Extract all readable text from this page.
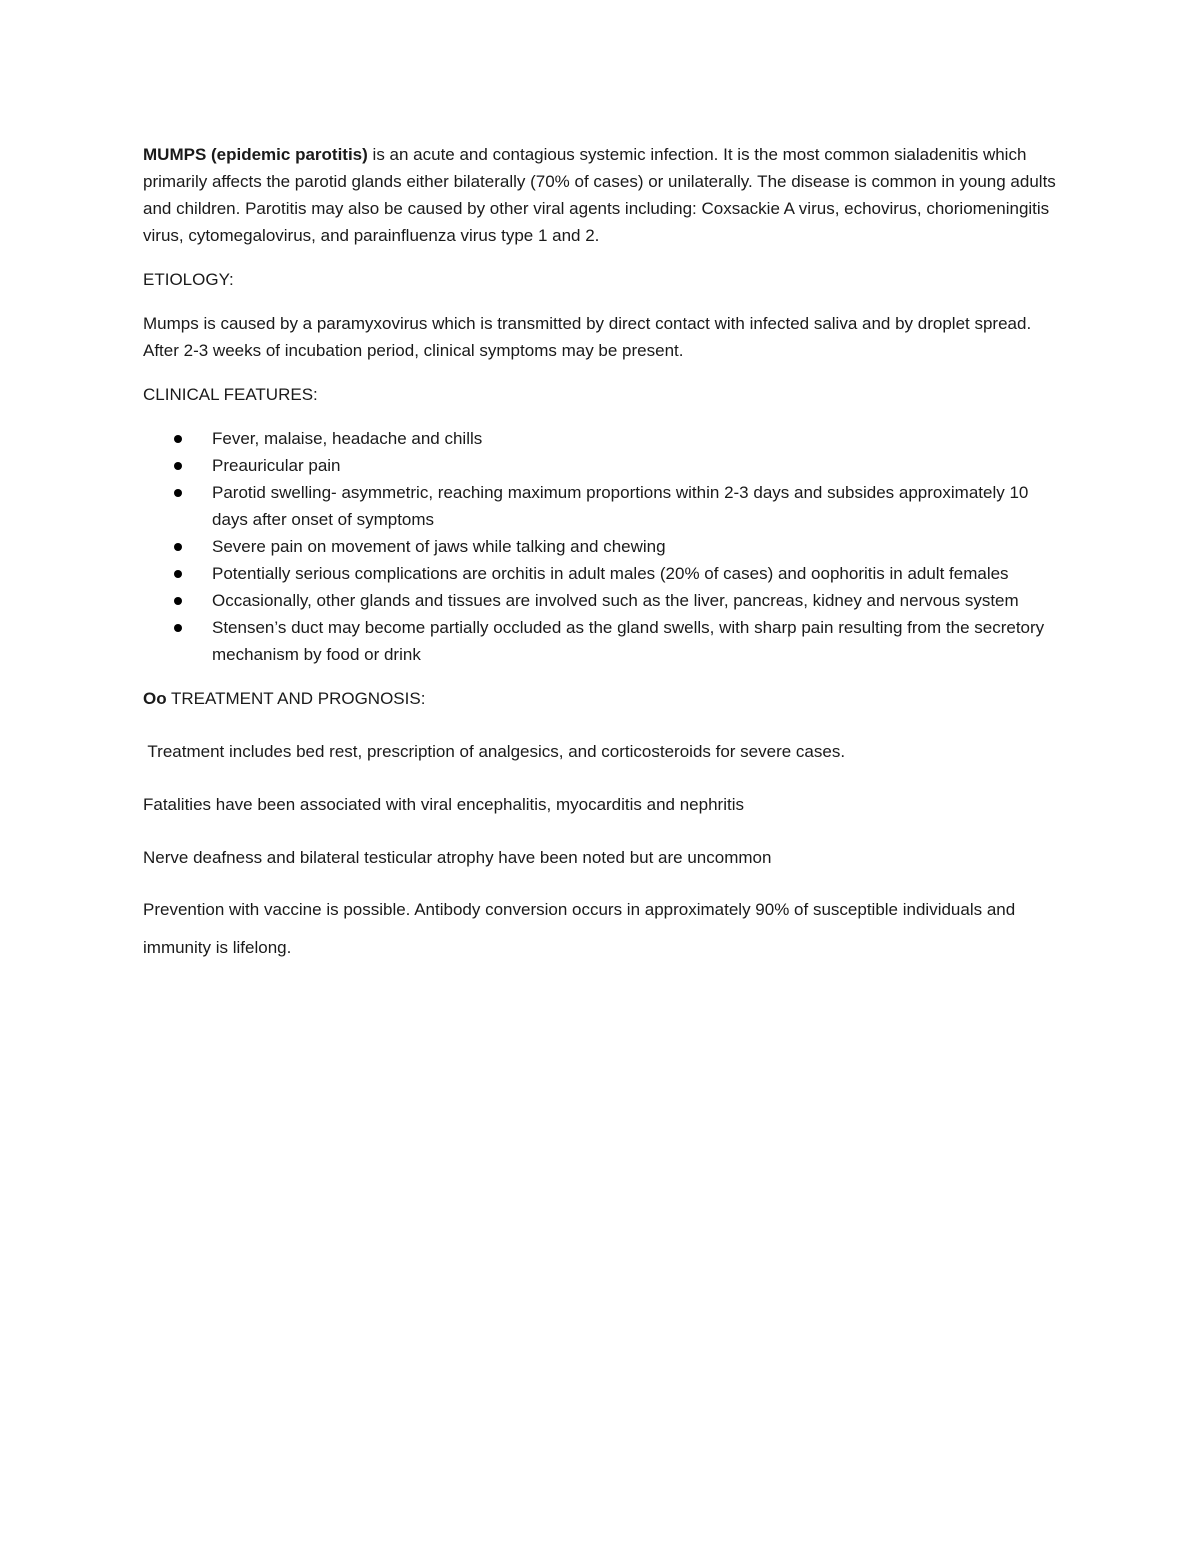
MUMPS (epidemic parotitis) is an acute and contagious systemic infection. It is the most common sialadenitis which primarily affects the parotid glands either bilaterally (70% of cases) or unilaterally. The disease is common in young adults and children. Parotitis may also be caused by other viral agents including: Coxsackie A virus, echovirus, choriomeningitis virus, cytomegalovirus, and parainfluenza virus type 1 and 2.

ETIOLOGY:

Mumps is caused by a paramyxovirus which is transmitted by direct contact with infected saliva and by droplet spread. After 2-3 weeks of incubation period, clinical symptoms may be present.

CLINICAL FEATURES:

Fever, malaise, headache and chills
Preauricular pain
Parotid swelling- asymmetric, reaching maximum proportions within 2-3 days and subsides approximately 10 days after onset of symptoms
Severe pain on movement of jaws while talking and chewing
Potentially serious complications are orchitis in adult males (20% of cases) and oophoritis in adult females
Occasionally, other glands and tissues are involved such as the liver, pancreas, kidney and nervous system
Stensen’s duct may become partially occluded as the gland swells, with sharp pain resulting from the secretory mechanism by food or drink

Oo TREATMENT AND PROGNOSIS:

Treatment includes bed rest, prescription of analgesics, and corticosteroids for severe cases.

Fatalities have been associated with viral encephalitis, myocarditis and nephritis

Nerve deafness and bilateral testicular atrophy have been noted but are uncommon

Prevention with vaccine is possible. Antibody conversion occurs in approximately 90% of susceptible individuals and immunity is lifelong.
